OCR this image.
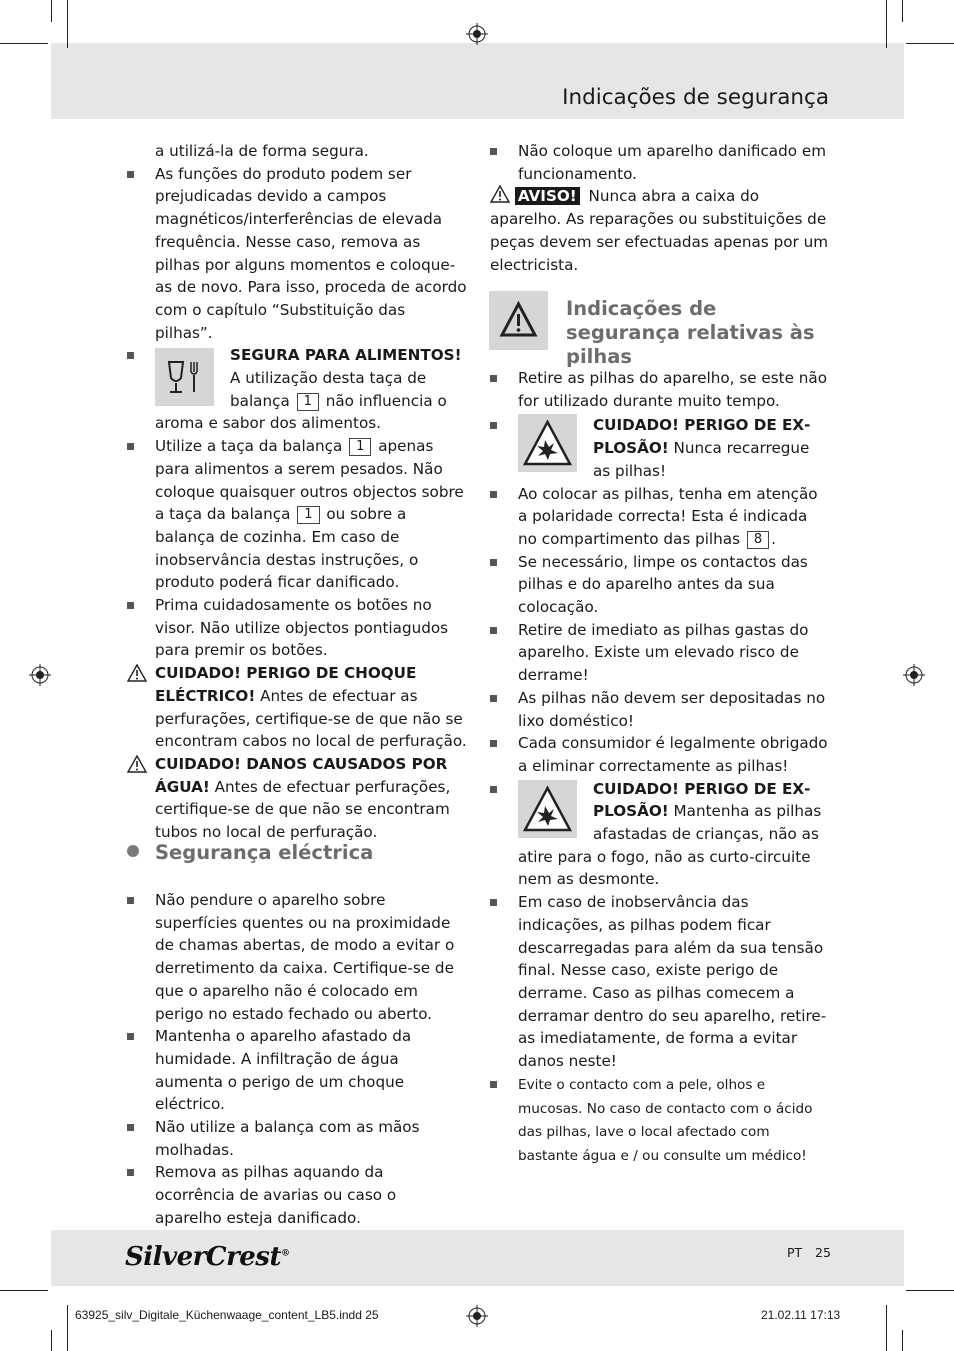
Indicações de segurança
a utilizá-la de forma segura.
As funções do produto podem ser prejudicadas devido a campos magnéticos/interferências de elevada frequência. Nesse caso, remova as pilhas por alguns momentos e coloque-as de novo. Para isso, proceda de acordo com o capítulo “Substituição das pilhas”.
SEGURA PARA ALIMENTOS! A utilização desta taça de balança 1 não influencia o aroma e sabor dos alimentos.
Utilize a taça da balança 1 apenas para alimentos a serem pesados. Não coloque quaisquer outros objectos sobre a taça da balança 1 ou sobre a balança de cozinha. Em caso de inobservância destas instruções, o produto poderá ficar danificado.
Prima cuidadosamente os botões no visor. Não utilize objectos pontiagudos para premir os botões.
CUIDADO! PERIGO DE CHOQUE ELÉCTRICO! Antes de efectuar as perfurações, certifique-se de que não se encontram cabos no local de perfuração.
CUIDADO! DANOS CAUSADOS POR ÁGUA! Antes de efectuar perfurações, certifique-se de que não se encontram tubos no local de perfuração.
Segurança eléctrica
Não pendure o aparelho sobre superfícies quentes ou na proximidade de chamas abertas, de modo a evitar o derretimento da caixa. Certifique-se de que o aparelho não é colocado em perigo no estado fechado ou aberto.
Mantenha o aparelho afastado da humidade. A infiltração de água aumenta o perigo de um choque eléctrico.
Não utilize a balança com as mãos molhadas.
Remova as pilhas aquando da ocorrência de avarias ou caso o aparelho esteja danificado.
Não coloque um aparelho danificado em funcionamento.
AVISO! Nunca abra a caixa do aparelho. As reparações ou substituições de peças devem ser efectuadas apenas por um electricista.
Indicações de segurança relativas às pilhas
Retire as pilhas do aparelho, se este não for utilizado durante muito tempo.
CUIDADO! PERIGO DE EXPLOSÃO! Nunca recarregue as pilhas!
Ao colocar as pilhas, tenha em atenção a polaridade correcta! Esta é indicada no compartimento das pilhas 8 .
Se necessário, limpe os contactos das pilhas e do aparelho antes da sua colocação.
Retire de imediato as pilhas gastas do aparelho. Existe um elevado risco de derrame!
As pilhas não devem ser depositadas no lixo doméstico!
Cada consumidor é legalmente obrigado a eliminar correctamente as pilhas!
CUIDADO! PERIGO DE EXPLOSÃO! Mantenha as pilhas afastadas de crianças, não as atire para o fogo, não as curto-circuite nem as desmonte.
Em caso de inobservância das indicações, as pilhas podem ficar descarregadas para além da sua tensão final. Nesse caso, existe perigo de derrame. Caso as pilhas comecem a derramar dentro do seu aparelho, retire-as imediatamente, de forma a evitar danos neste!
Evite o contacto com a pele, olhos e mucosas. No caso de contacto com o ácido das pilhas, lave o local afectado com bastante água e / ou consulte um médico!
SilverCrest®	PT 25
63925_silv_Digitale_Küchenwaage_content_LB5.indd 25	21.02.11 17:13
